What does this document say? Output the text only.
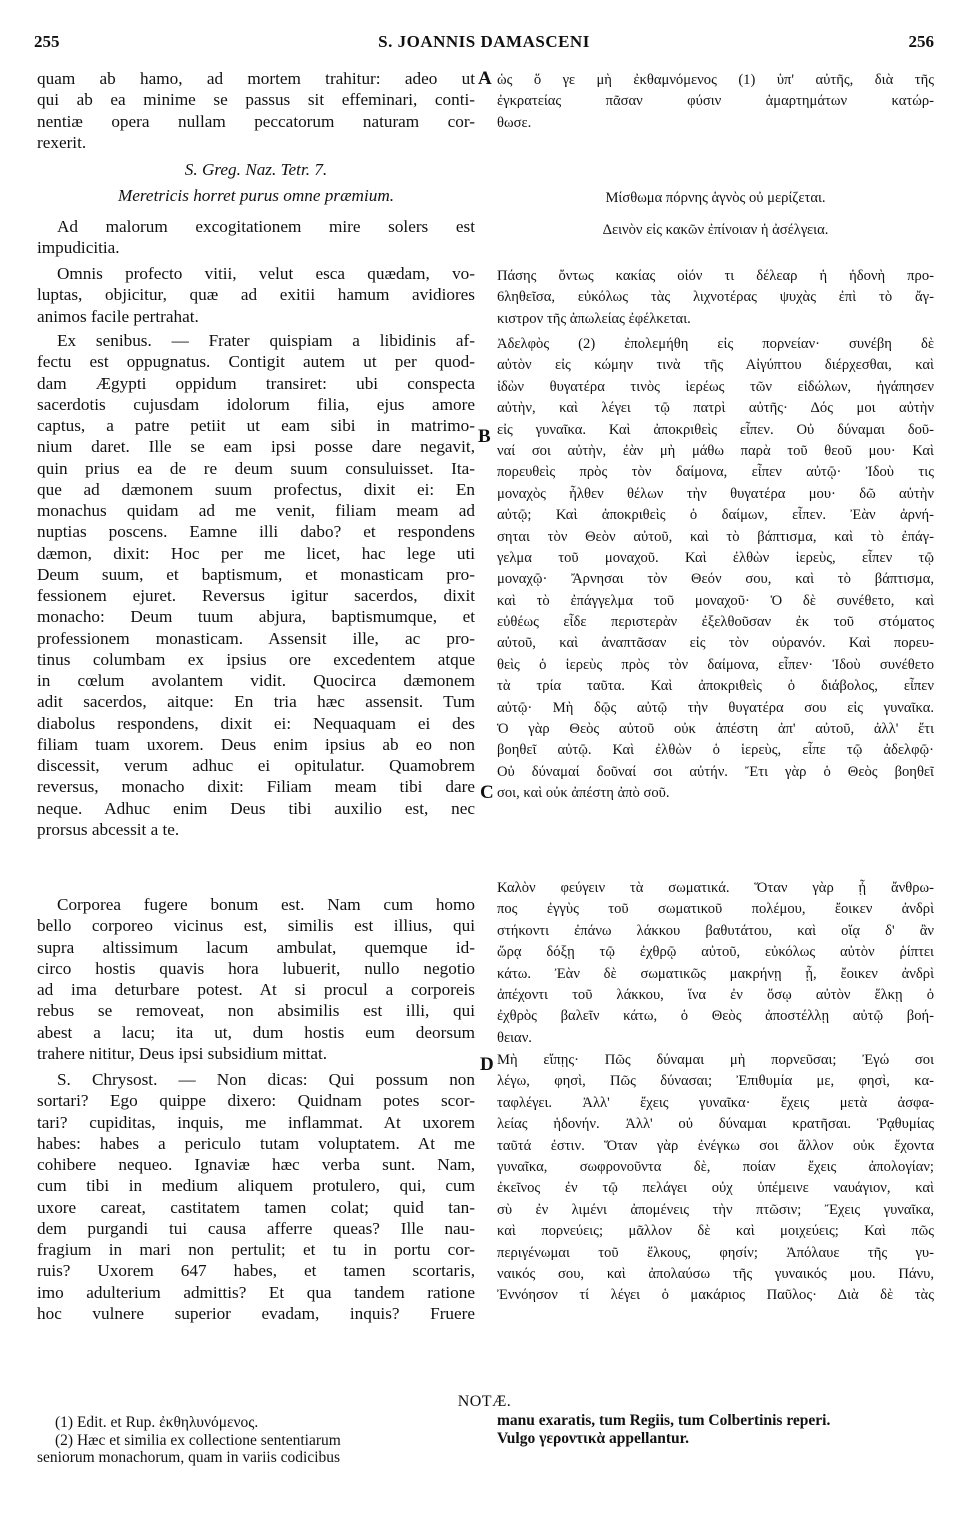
255	S. JOANNIS DAMASCENI	256
A
B
C
D
quam ab hamo, ad mortem trahitur: adeo ut
qui ab ea minime se passus sit effeminari, conti-
nentiæ opera nullam peccatorum naturam cor-
rexerit.
S. Greg. Naz. Tetr. 7.
Meretricis horret purus omne præmium.
Ad malorum excogitationem mire solers est
impudicitia.
Omnis profecto vitii, velut esca quædam, vo-
luptas, objicitur, quæ ad exitii hamum avidiores
animos facile pertrahat.
Ex senibus. — Frater quispiam a libidinis af-
fectu est oppugnatus. Contigit autem ut per quod-
dam Ægypti oppidum transiret: ubi conspecta
sacerdotis cujusdam idolorum filia, ejus amore
captus, a patre petiit ut eam sibi in matrimo-
nium daret. Ille se eam ipsi posse dare negavit,
quin prius ea de re deum suum consuluisset. Ita-
que ad dæmonem suum profectus, dixit ei: En
monachus quidam ad me venit, filiam meam ad
nuptias poscens. Eamne illi dabo? et respondens
dæmon, dixit: Hoc per me licet, hac lege uti
Deum suum, et baptismum, et monasticam pro-
fessionem ejuret. Reversus igitur sacerdos, dixit
monacho: Deum tuum abjura, baptismumque, et
professionem monasticam. Assensit ille, ac pro-
tinus columbam ex ipsius ore excedentem atque
in cœlum avolantem vidit. Quocirca dæmonem
adit sacerdos, aitque: En tria hæc assensit. Tum
diabolus respondens, dixit ei: Nequaquam ei des
filiam tuam uxorem. Deus enim ipsius ab eo non
discessit, verum adhuc ei opitulatur. Quamobrem
reversus, monacho dixit: Filiam meam tibi dare
neque. Adhuc enim Deus tibi auxilio est, nec
prorsus abcessit a te.
Corporea fugere bonum est. Nam cum homo
bello corporeo vicinus est, similis est illius, qui
supra altissimum lacum ambulat, quemque id-
circo hostis quavis hora lubuerit, nullo negotio
ad ima deturbare potest. At si procul a corporeis
rebus se removeat, non absimilis est illi, qui
abest a lacu; ita ut, dum hostis eum deorsum
trahere nititur, Deus ipsi subsidium mittat.
S. Chrysost. — Non dicas: Qui possum non
sortari? Ego quippe dixero: Quidnam potes scor-
tari? cupiditas, inquis, me inflammat. At uxorem
habes: habes a periculo tutam voluptatem. At me
cohibere nequeo. Ignaviæ hæc verba sunt. Nam,
cum tibi in medium aliquem protulero, qui, cum
uxore careat, castitatem tamen colat; quid tan-
dem purgandi tui causa afferre queas? Ille nau-
fragium in mari non pertulit; et tu in portu cor-
ruis? Uxorem 647 habes, et tamen scortaris,
imo adulterium admittis? Et qua tandem ratione
hoc vulnere superior evadam, inquis? Fruere
ὡς ὅ γε μὴ ἐκθαμνόμενος (1) ὑπ' αὐτῆς, διὰ τῆς
ἐγκρατείας πᾶσαν φύσιν ἁμαρτημάτων κατώρ-
θωσε.
Μίσθωμα πόρνης ἁγνὸς οὐ μερίζεται.
Δεινὸν εἰς κακῶν ἐπίνοιαν ἡ ἀσέλγεια.
Πάσης ὄντως κακίας οἱόν τι δέλεαρ ἡ ἡδονὴ προ-
6ληθεῖσα, εὐκόλως τὰς λιχνοτέρας ψυχὰς ἐπὶ τὸ ἄγ-
κιστρον τῆς ἀπωλείας ἐφέλκεται.
Ἀδελφὸς (2) ἐπολεμήθη εἰς πορνείαν· συνέβη δὲ
αὐτὸν εἰς κώμην τινὰ τῆς Αἰγύπτου διέρχεσθαι, καὶ
ἰδὼν θυγατέρα τινὸς ἱερέως τῶν εἰδώλων, ἠγάπησεν
αὐτὴν, καὶ λέγει τῷ πατρὶ αὐτῆς· Δός μοι αὐτὴν
εἰς γυναῖκα. Καὶ ἀποκριθεὶς εἶπεν. Οὐ δύναμαι δοῦ-
ναί σοι αὐτὴν, ἐὰν μὴ μάθω παρὰ τοῦ θεοῦ μου· Καὶ
πορευθεὶς πρὸς τὸν δαίμονα, εἶπεν αὐτῷ· Ἰδοὺ τις
μοναχὸς ἦλθεν θέλων τὴν θυγατέρα μου· δῶ αὐτὴν
αὐτῷ; Καὶ ἀποκριθεὶς ὁ δαίμων, εἶπεν. Ἐὰν ἀρνή-
σηται τὸν Θεὸν αὐτοῦ, καὶ τὸ βάπτισμα, καὶ τὸ ἐπάγ-
γελμα τοῦ μοναχοῦ. Καὶ ἐλθὼν ἱερεὺς, εἶπεν τῷ
μοναχῷ· Ἄρνησαι τὸν Θεόν σου, καὶ τὸ βάπτισμα,
καὶ τὸ ἐπάγγελμα τοῦ μοναχοῦ· Ὁ δὲ συνέθετο, καὶ
εὐθέως εἶδε περιστερὰν ἐξελθοῦσαν ἐκ τοῦ στόματος
αὐτοῦ, καὶ ἀναπτᾶσαν εἰς τὸν οὐρανόν. Καὶ πορευ-
θεὶς ὁ ἱερεὺς πρὸς τὸν δαίμονα, εἶπεν· Ἰδοὺ συνέθετο
τὰ τρία ταῦτα. Καὶ ἀποκριθεὶς ὁ διάβολος, εἶπεν
αὐτῷ· Μὴ δῷς αὐτῷ τὴν θυγατέρα σου εἰς γυναῖκα.
Ὁ γὰρ Θεὸς αὐτοῦ οὐκ ἀπέστη ἀπ' αὐτοῦ, ἀλλ' ἔτι
βοηθεῖ αὐτῷ. Καὶ ἐλθὼν ὁ ἱερεὺς, εἶπε τῷ ἀδελφῷ·
Οὐ δύναμαί δοῦναί σοι αὐτήν. Ἔτι γὰρ ὁ Θεὸς βοηθεῖ
σοι, καὶ οὐκ ἀπέστη ἀπὸ σοῦ.
Καλὸν φεύγειν τὰ σωματικά. Ὅταν γὰρ ᾖ ἄνθρω-
πος ἐγγὺς τοῦ σωματικοῦ πολέμου, ἔοικεν ἀνδρὶ
στήκοντι ἐπάνω λάκκου βαθυτάτου, καὶ οἵᾳ δ' ἂν
ὥρᾳ δόξῃ τῷ ἐχθρῷ αὐτοῦ, εὐκόλως αὐτὸν ῥίπτει
κάτω. Ἐὰν δὲ σωματικῶς μακρήνῃ ᾖ, ἔοικεν ἀνδρὶ
ἀπέχοντι τοῦ λάκκου, ἵνα ἐν ὅσῳ αὐτὸν ἕλκῃ ὁ
ἐχθρὸς βαλεῖν κάτω, ὁ Θεὸς ἀποστέλλῃ αὐτῷ βοή-
θειαν.
Μὴ εἴπῃς· Πῶς δύναμαι μὴ πορνεῦσαι; Ἐγώ σοι
λέγω, φησὶ, Πῶς δύνασαι; Ἐπιθυμία με, φησὶ, κα-
ταφλέγει. Ἀλλ' ἔχεις γυναῖκα· ἔχεις μετὰ ἀσφα-
λείας ἡδονήν. Ἀλλ' οὐ δύναμαι κρατῆσαι. Ῥᾳθυμίας
ταῦτά ἐστιν. Ὅταν γὰρ ἐνέγκω σοι ἄλλον οὐκ ἔχοντα
γυναῖκα, σωφρονοῦντα δὲ, ποίαν ἔχεις ἀπολογίαν;
ἐκεῖνος ἐν τῷ πελάγει οὐχ ὑπέμεινε ναυάγιον, καὶ
σὺ ἐν λιμένι ἀπομένεις τὴν πτῶσιν; Ἔχεις γυναῖκα,
καὶ πορνεύεις; μᾶλλον δὲ καὶ μοιχεύεις; Καὶ πῶς
περιγένωμαι τοῦ ἕλκους, φησίν; Ἀπόλαυε τῆς γυ-
ναικός σου, καὶ ἀπολαύσω τῆς γυναικός μου. Πάνυ,
Ἐννόησον τί λέγει ὁ μακάριος Παῦλος· Διὰ δὲ τὰς
NOTÆ.
(1) Edit. et Rup. ἐκθηλυνόμενος.
(2) Hæc et similia ex collectione sententiarum
seniorum monachorum, quam in variis codicibus
manu exaratis, tum Regiis, tum Colbertinis reperi.
Vulgo γεροντικὰ appellantur.
